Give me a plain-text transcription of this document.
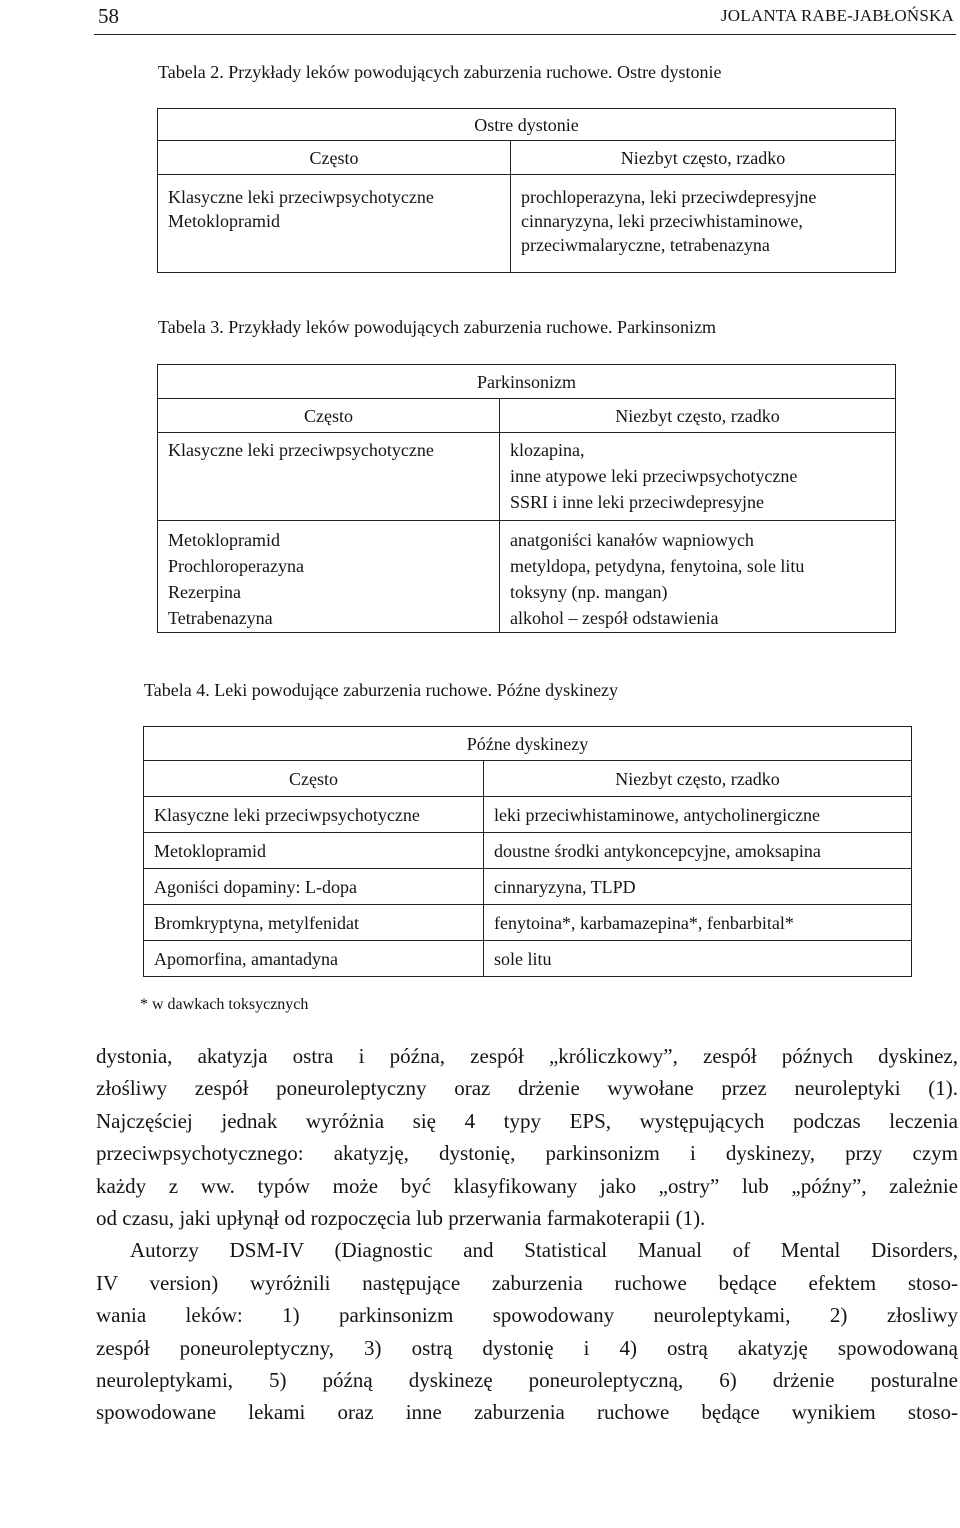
58	JOLANTA RABE-JABŁOŃSKA
Tabela 2. Przykłady leków powodujących zaburzenia ruchowe. Ostre dystonie
Ostre dystonie	
Często	Niezbyt często, rzadko

Klasyczne leki przeciwpsychotyczne
Metoklopramid	prochloperazyna, leki przeciwdepresyjne
cinnaryzyna, leki przeciwhistaminowe,
przeciwmalaryczne, tetrabenazyna
Tabela 3. Przykłady leków powodujących zaburzenia ruchowe. Parkinsonizm
Parkinsonizm	
Często	Niezbyt często, rzadko

Klasyczne leki przeciwpsychotyczne	klozapina,
inne atypowe leki przeciwpsychotyczne
SSRI i inne leki przeciwdepresyjne

Metoklopramid
Prochloroperazyna
Rezerpina
Tetrabenazyna	anatgoniści kanałów wapniowych
metyldopa, petydyna, fenytoina, sole litu
toksyny (np. mangan)
alkohol – zespół odstawienia
Tabela 4. Leki powodujące zaburzenia ruchowe. Późne dyskinezy
Późne dyskinezy	
Często	Niezbyt często, rzadko
Klasyczne leki przeciwpsychotyczne	leki przeciwhistaminowe, antycholinergiczne
Metoklopramid	doustne środki antykoncepcyjne, amoksapina
Agoniści dopaminy: L-dopa	cinnaryzyna, TLPD
Bromkryptyna, metylfenidat	fenytoina*, karbamazepina*, fenbarbital*
Apomorfina, amantadyna	sole litu
* w dawkach toksycznych

dystonia, akatyzja ostra i późna, zespół „króliczkowy”, zespół późnych dyskinez,
złośliwy zespół poneuroleptyczny oraz drżenie wywołane przez neuroleptyki (1).
Najczęściej jednak wyróżnia się 4 typy EPS, występujących podczas leczenia
przeciwpsychotycznego: akatyzję, dystonię, parkinsonizm i dyskinezy, przy czym
każdy z ww. typów może być klasyfikowany jako „ostry” lub „późny”, zależnie
od czasu, jaki upłynął od rozpoczęcia lub przerwania farmakoterapii (1).

Autorzy DSM-IV (Diagnostic and Statistical Manual of Mental Disorders,
IV version) wyróżnili następujące zaburzenia ruchowe będące efektem stoso-
wania leków: 1) parkinsonizm spowodowany neuroleptykami, 2) złosliwy
zespół poneuroleptyczny, 3) ostrą dystonię i 4) ostrą akatyzję spowodowaną
neuroleptykami, 5) późną dyskinezę poneuroleptyczną, 6) drżenie posturalne
spowodowane lekami oraz inne zaburzenia ruchowe będące wynikiem stoso-
